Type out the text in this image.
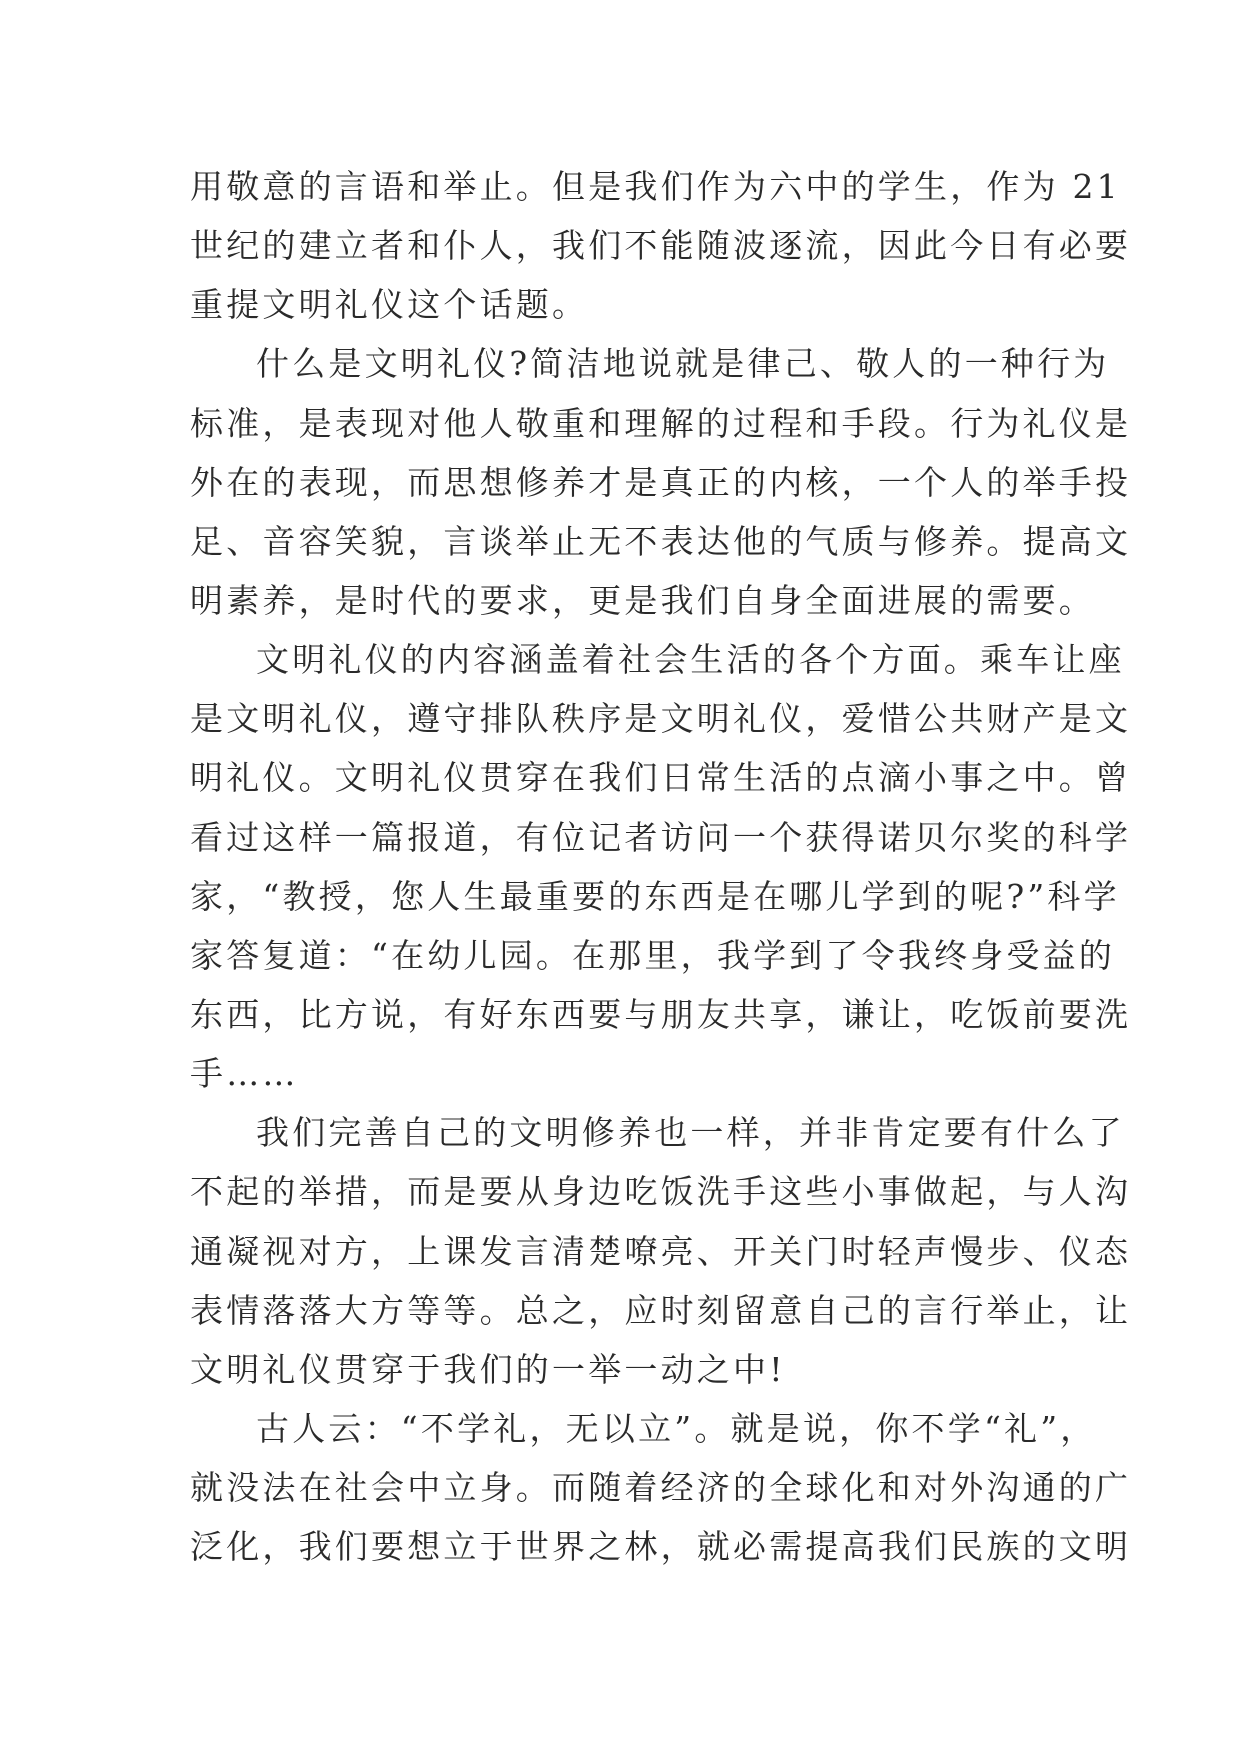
用敬意的言语和举止。但是我们作为六中的学生，作为 21
世纪的建立者和仆人，我们不能随波逐流，因此今日有必要
重提文明礼仪这个话题。
什么是文明礼仪?简洁地说就是律己、敬人的一种行为
标准，是表现对他人敬重和理解的过程和手段。行为礼仪是
外在的表现，而思想修养才是真正的内核，一个人的举手投
足、音容笑貌，言谈举止无不表达他的气质与修养。提高文
明素养，是时代的要求，更是我们自身全面进展的需要。
文明礼仪的内容涵盖着社会生活的各个方面。乘车让座
是文明礼仪，遵守排队秩序是文明礼仪，爱惜公共财产是文
明礼仪。文明礼仪贯穿在我们日常生活的点滴小事之中。曾
看过这样一篇报道，有位记者访问一个获得诺贝尔奖的科学
家，“教授，您人生最重要的东西是在哪儿学到的呢?”科学
家答复道：“在幼儿园。在那里，我学到了令我终身受益的
东西，比方说，有好东西要与朋友共享，谦让，吃饭前要洗
手……
我们完善自己的文明修养也一样，并非肯定要有什么了
不起的举措，而是要从身边吃饭洗手这些小事做起，与人沟
通凝视对方，上课发言清楚嘹亮、开关门时轻声慢步、仪态
表情落落大方等等。总之，应时刻留意自己的言行举止，让
文明礼仪贯穿于我们的一举一动之中!
古人云：“不学礼，无以立”。就是说，你不学“礼”，
就没法在社会中立身。而随着经济的全球化和对外沟通的广
泛化，我们要想立于世界之林，就必需提高我们民族的文明
